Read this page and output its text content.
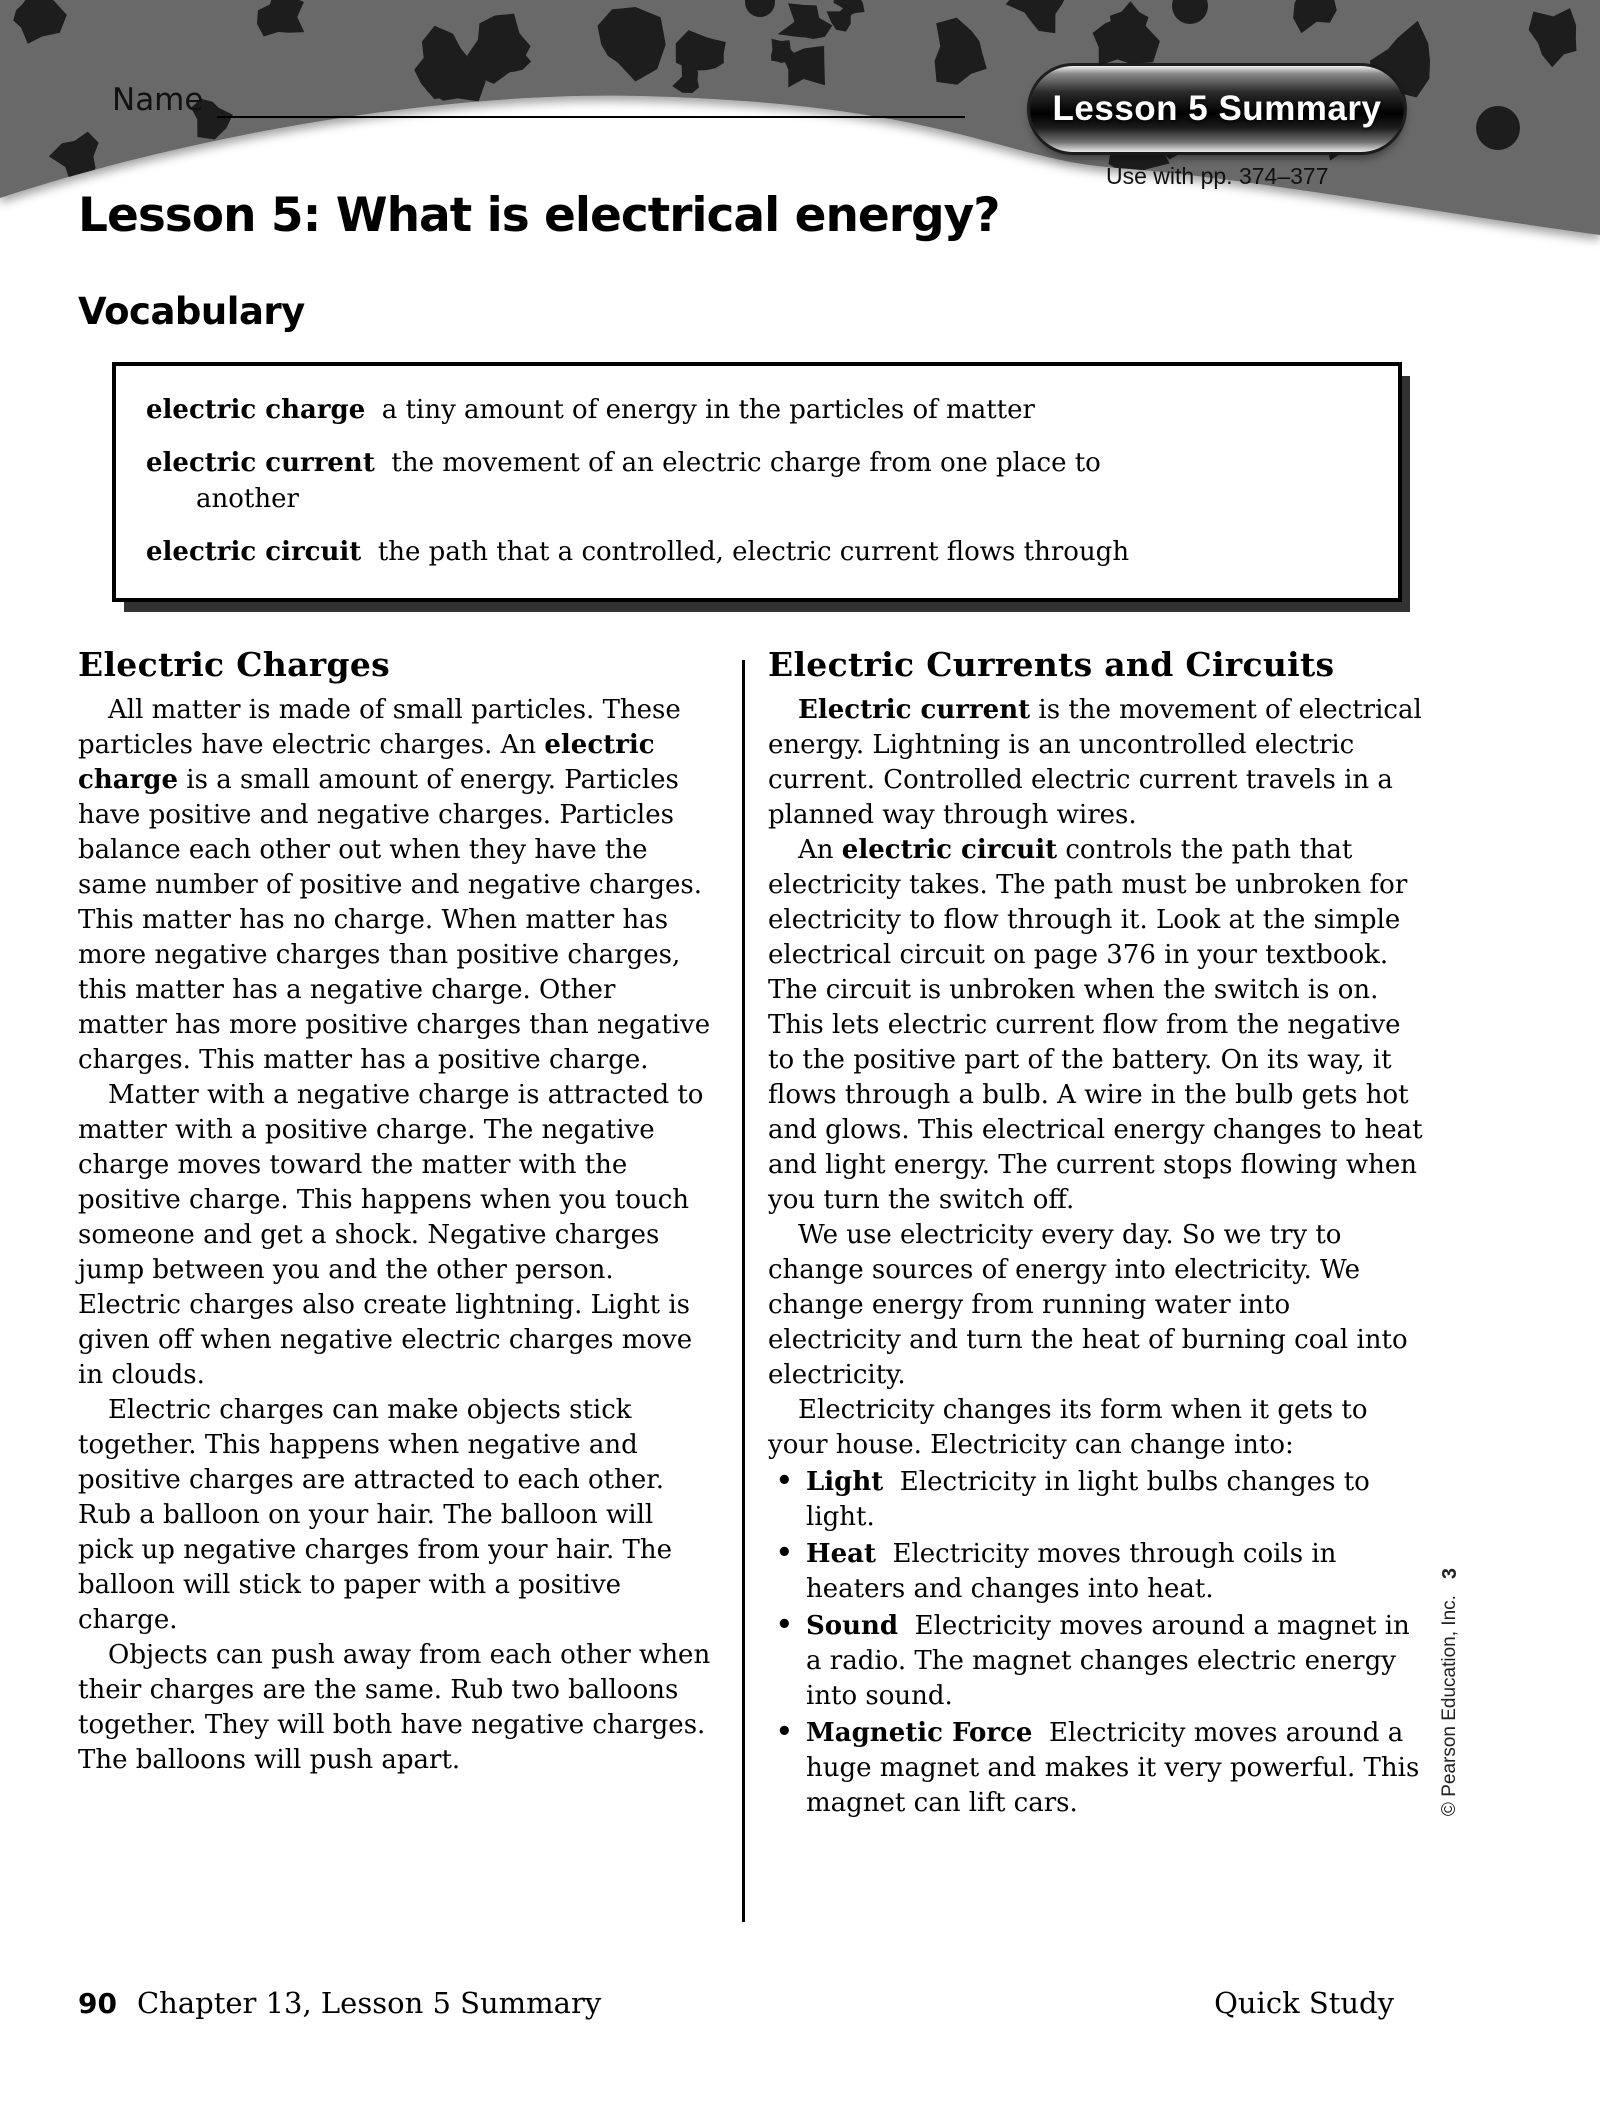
Name	Lesson 5 Summary
Use with pp. 374–377
Lesson 5: What is electrical energy?
Vocabulary
electric charge  a tiny amount of energy in the particles of matter
electric current  the movement of an electric charge from one place to
another
electric circuit  the path that a controlled, electric current flows through
Electric Charges

All matter is made of small particles. These particles have electric charges. An electric charge is a small amount of energy. Particles have positive and negative charges. Particles balance each other out when they have the same number of positive and negative charges. This matter has no charge. When matter has more negative charges than positive charges, this matter has a negative charge. Other matter has more positive charges than negative charges. This matter has a positive charge.

Matter with a negative charge is attracted to matter with a positive charge. The negative charge moves toward the matter with the positive charge. This happens when you touch someone and get a shock. Negative charges jump between you and the other person. Electric charges also create lightning. Light is given off when negative electric charges move in clouds.

Electric charges can make objects stick together. This happens when negative and positive charges are attracted to each other. Rub a balloon on your hair. The balloon will pick up negative charges from your hair. The balloon will stick to paper with a positive charge.

Objects can push away from each other when their charges are the same. Rub two balloons together. They will both have negative charges. The balloons will push apart.

Electric Currents and Circuits

Electric current is the movement of electrical energy. Lightning is an uncontrolled electric current. Controlled electric current travels in a planned way through wires.

An electric circuit controls the path that electricity takes. The path must be unbroken for electricity to flow through it. Look at the simple electrical circuit on page 376 in your textbook. The circuit is unbroken when the switch is on. This lets electric current flow from the negative to the positive part of the battery. On its way, it flows through a bulb. A wire in the bulb gets hot and glows. This electrical energy changes to heat and light energy. The current stops flowing when you turn the switch off.

We use electricity every day. So we try to change sources of energy into electricity. We change energy from running water into electricity and turn the heat of burning coal into electricity.

Electricity changes its form when it gets to your house. Electricity can change into:

• Light  Electricity in light bulbs changes to light.
• Heat  Electricity moves through coils in heaters and changes into heat.
• Sound  Electricity moves around a magnet in a radio. The magnet changes electric energy into sound.
• Magnetic Force  Electricity moves around a huge magnet and makes it very powerful. This magnet can lift cars.	© Pearson Education, Inc.
3
90 Chapter 13, Lesson 5 Summary	Quick Study
